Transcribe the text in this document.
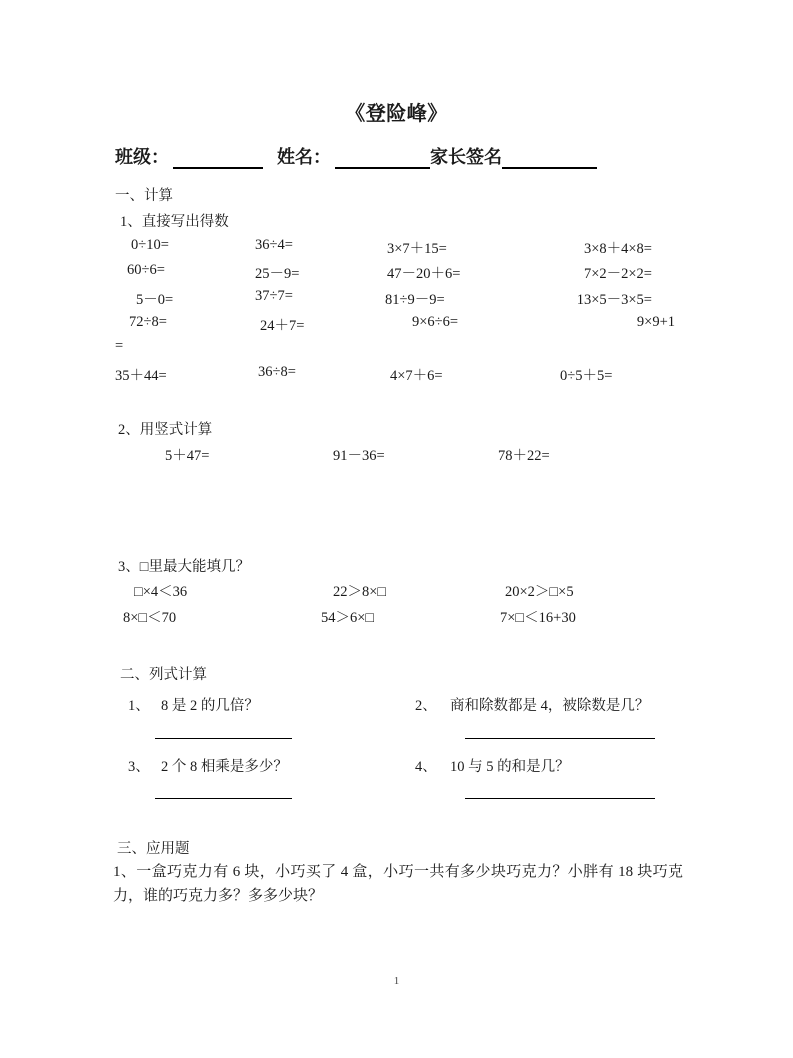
《登险峰》
班级：	姓名：	家长签名
一、计算
1、直接写出得数
0÷10=	36÷4=	3×7＋15=	3×8＋4×8=
60÷6=	25－9=	47－20＋6=	7×2－2×2=
5－0=	37÷7=	81÷9－9=	13×5－3×5=
72÷8=	24＋7=	9×6÷6=	9×9+1
=
35＋44=	36÷8=	4×7＋6=	0÷5＋5=
2、用竖式计算
5＋47=	91－36=	78＋22=
3、□里最大能填几？
□×4＜36	22＞8×□	20×2＞□×5
8×□＜70	54＞6×□	7×□＜16+30
二、列式计算
1、 8 是 2 的几倍？	2、 商和除数都是 4，被除数是几？
3、 2 个 8 相乘是多少？	4、 10 与 5 的和是几？
三、应用题
1、一盒巧克力有 6 块，小巧买了 4 盒，小巧一共有多少块巧克力？小胖有 18 块巧克力，谁的巧克力多？多多少块？
1
